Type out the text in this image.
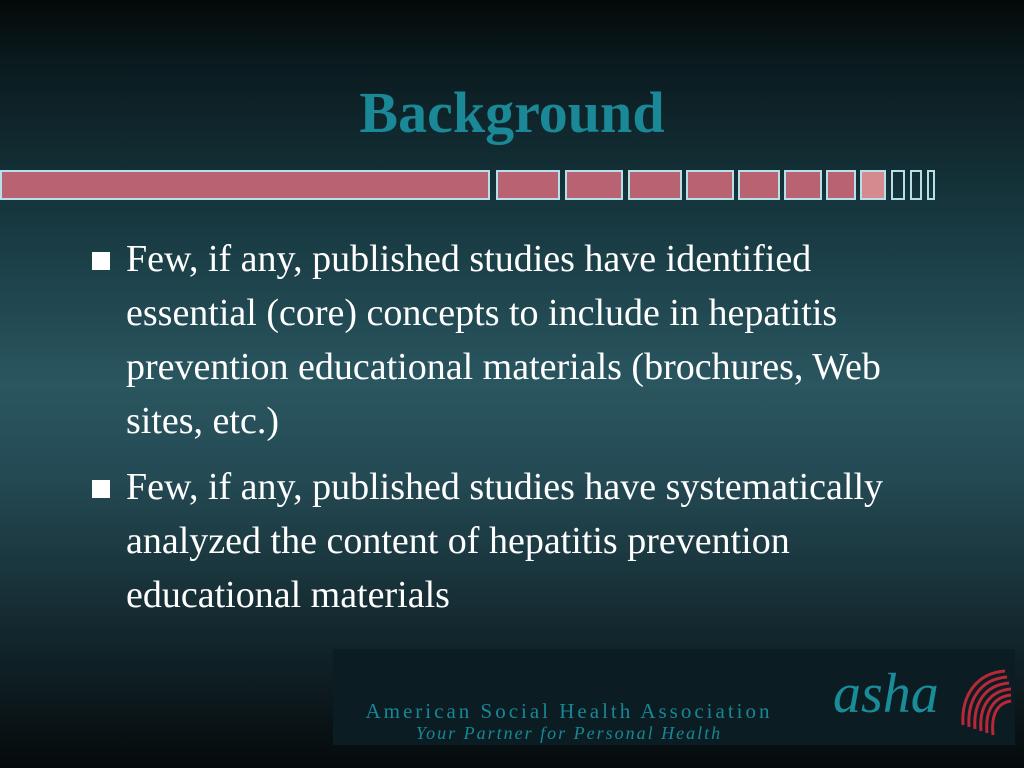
Background
Few, if any, published studies have identified essential (core) concepts to include in hepatitis prevention educational materials (brochures, Web sites, etc.)
Few, if any, published studies have systematically analyzed the content of hepatitis prevention educational materials
American Social Health Association
Your Partner for Personal Health
asha
